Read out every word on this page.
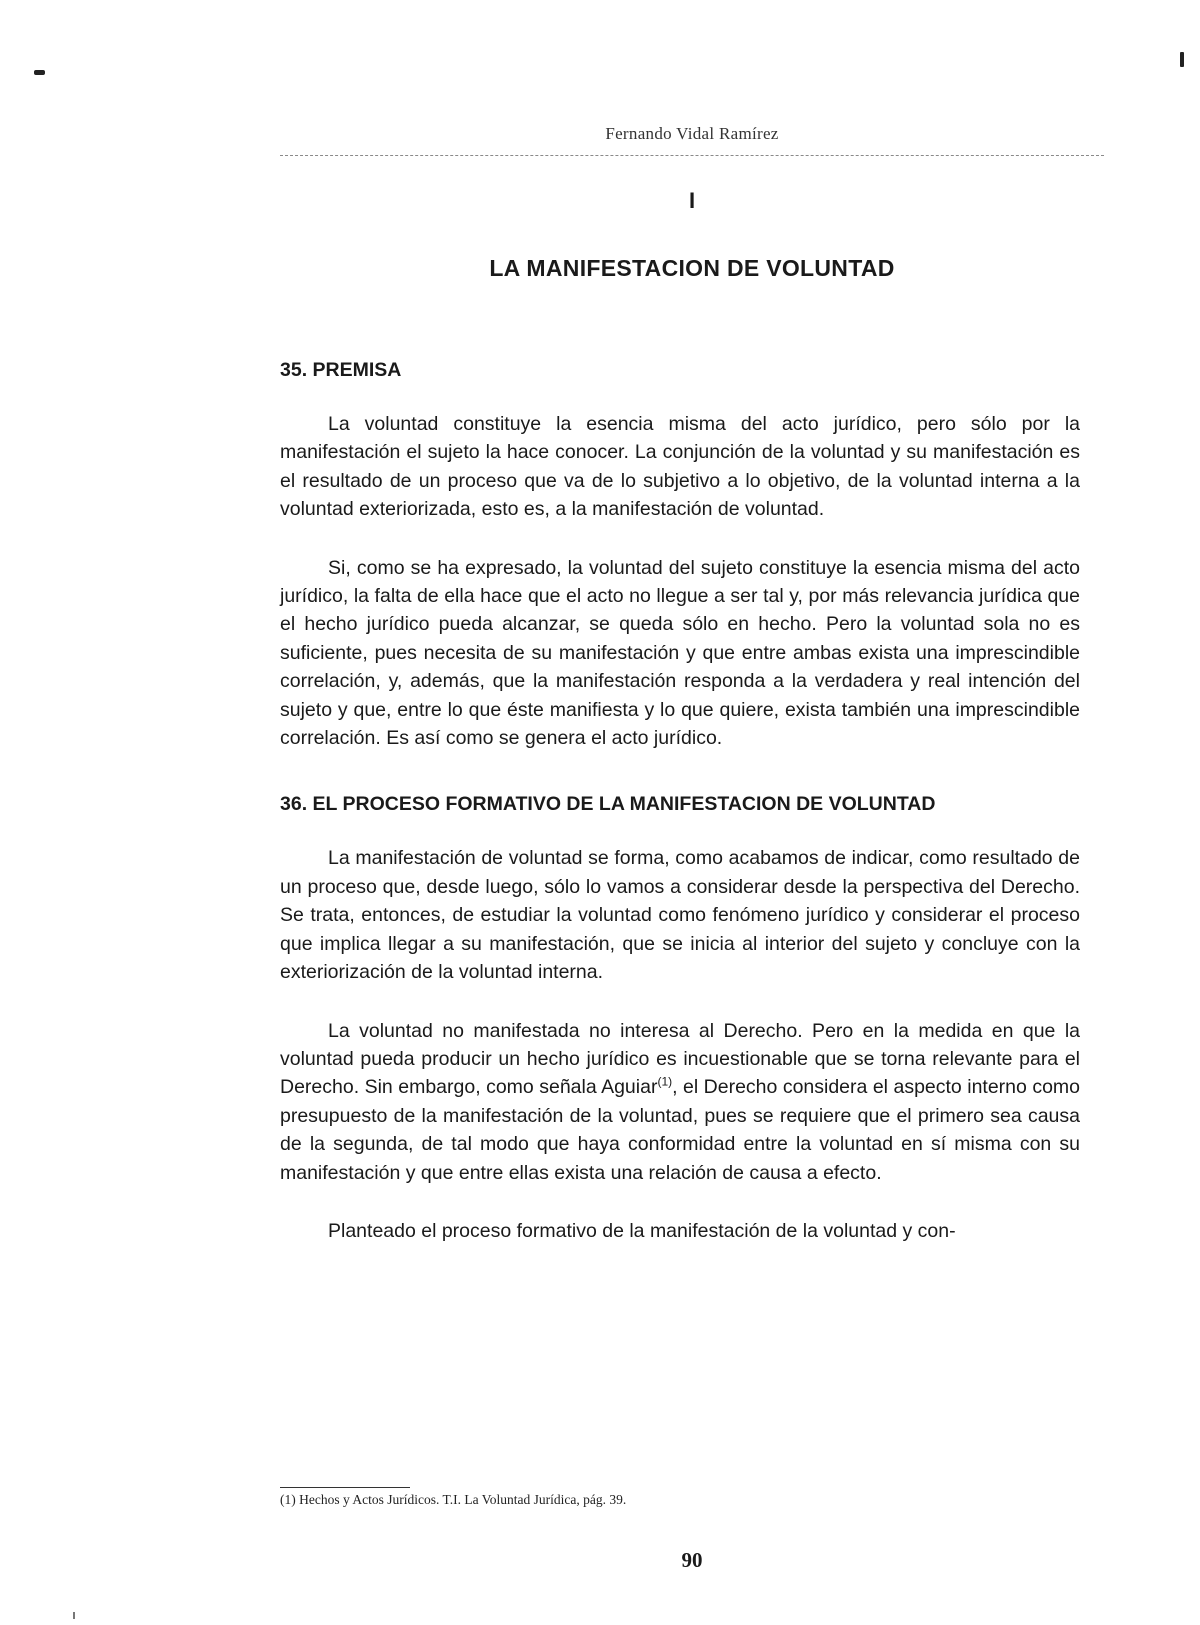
Fernando Vidal Ramírez
I
LA MANIFESTACION DE VOLUNTAD
35. PREMISA

La voluntad constituye la esencia misma del acto jurídico, pero sólo por la manifestación el sujeto la hace conocer. La conjunción de la voluntad y su manifestación es el resultado de un proceso que va de lo subjetivo a lo objetivo, de la voluntad interna a la voluntad exteriorizada, esto es, a la manifestación de voluntad.

Si, como se ha expresado, la voluntad del sujeto constituye la esencia misma del acto jurídico, la falta de ella hace que el acto no llegue a ser tal y, por más relevancia jurídica que el hecho jurídico pueda alcanzar, se queda sólo en hecho. Pero la voluntad sola no es suficiente, pues necesita de su manifestación y que entre ambas exista una imprescindible correlación, y, además, que la manifestación responda a la verdadera y real intención del sujeto y que, entre lo que éste manifiesta y lo que quiere, exista también una imprescindible correlación. Es así como se genera el acto jurídico.

36. EL PROCESO FORMATIVO DE LA MANIFESTACION DE VOLUNTAD

La manifestación de voluntad se forma, como acabamos de indicar, como resultado de un proceso que, desde luego, sólo lo vamos a considerar desde la perspectiva del Derecho. Se trata, entonces, de estudiar la voluntad como fenómeno jurídico y considerar el proceso que implica llegar a su manifestación, que se inicia al interior del sujeto y concluye con la exteriorización de la voluntad interna.

La voluntad no manifestada no interesa al Derecho. Pero en la medida en que la voluntad pueda producir un hecho jurídico es incuestionable que se torna relevante para el Derecho. Sin embargo, como señala Aguiar$^{(1)}$, el Derecho considera el aspecto interno como presupuesto de la manifestación de la voluntad, pues se requiere que el primero sea causa de la segunda, de tal modo que haya conformidad entre la voluntad en sí misma con su manifestación y que entre ellas exista una relación de causa a efecto.

Planteado el proceso formativo de la manifestación de la voluntad y con-

(1) Hechos y Actos Jurídicos. T.I. La Voluntad Jurídica, pág. 39.
90
